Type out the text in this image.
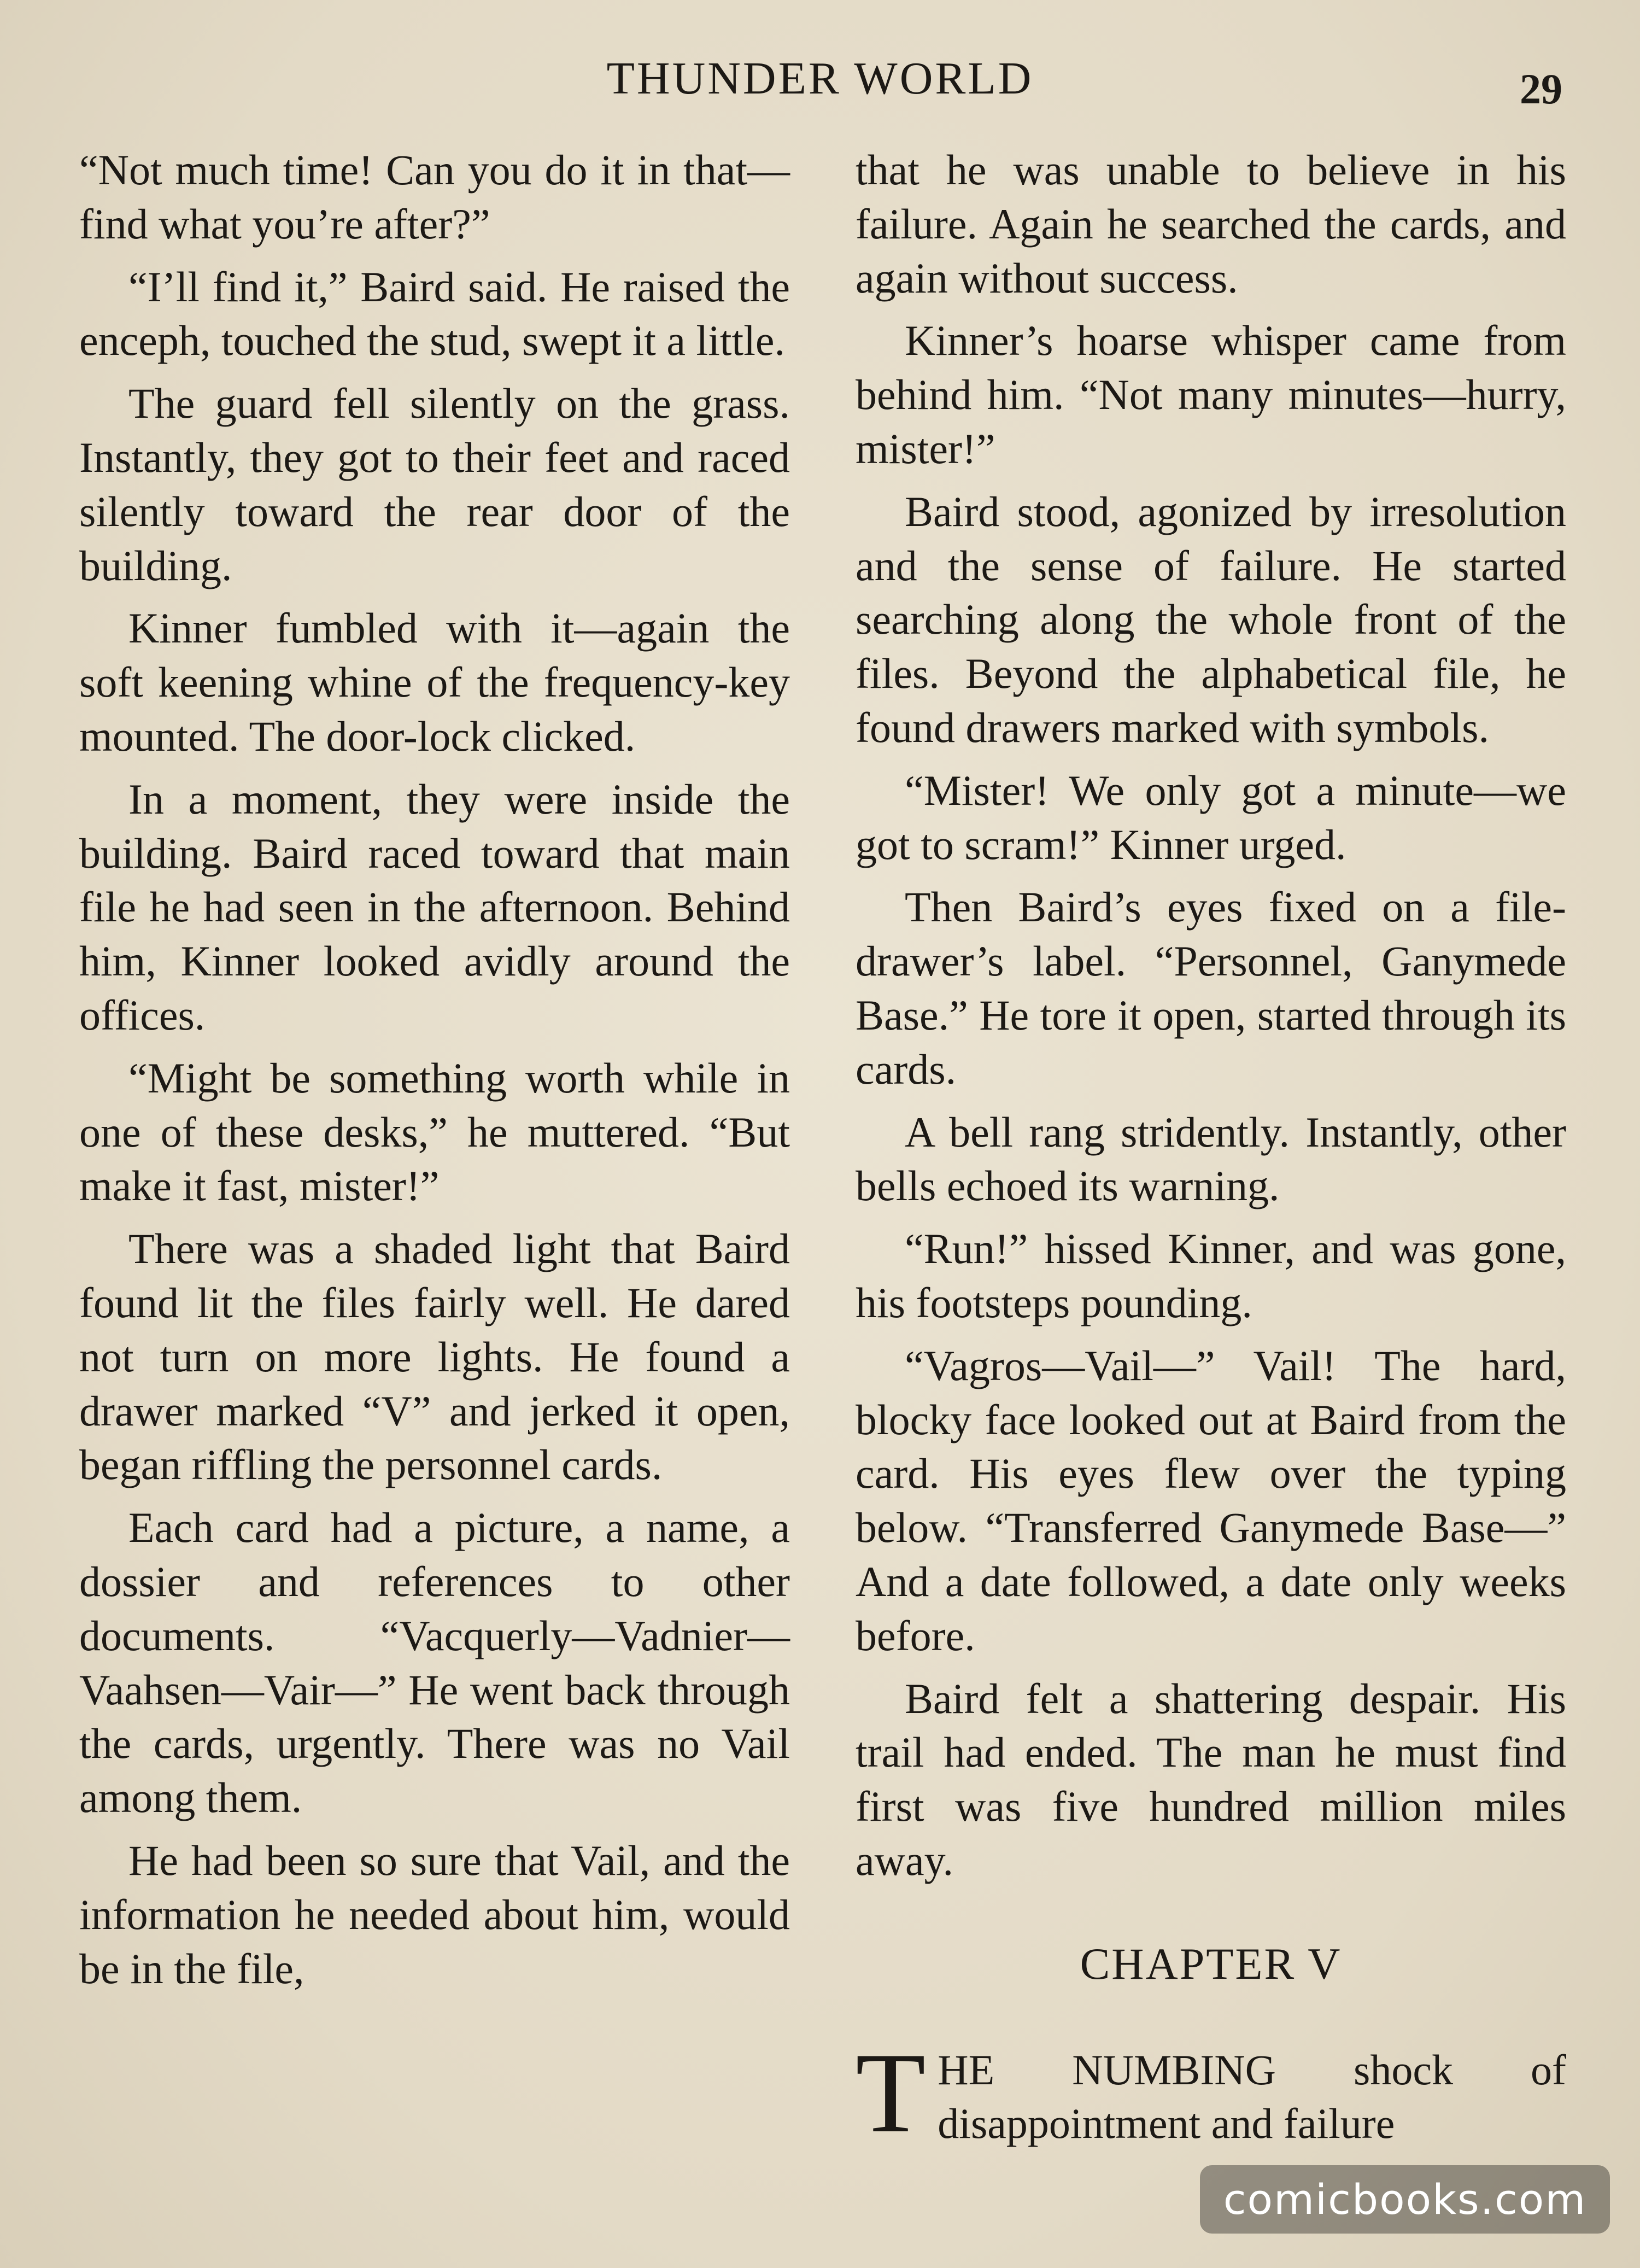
THUNDER WORLD	29

“Not much time! Can you do it in that—find what you’re after?”

“I’ll find it,” Baird said. He raised the enceph, touched the stud, swept it a little.

The guard fell silently on the grass. Instantly, they got to their feet and raced silently toward the rear door of the building.

Kinner fumbled with it—again the soft keening whine of the frequency-key mounted. The door-lock clicked.

In a moment, they were inside the building. Baird raced toward that main file he had seen in the afternoon. Behind him, Kinner looked avidly around the offices.

“Might be something worth while in one of these desks,” he muttered. “But make it fast, mister!”

There was a shaded light that Baird found lit the files fairly well. He dared not turn on more lights. He found a drawer marked “V” and jerked it open, began riffling the personnel cards.

Each card had a picture, a name, a dossier and references to other documents. “Vacquerly—Vadnier—Vaahsen—Vair—” He went back through the cards, urgently. There was no Vail among them.

He had been so sure that Vail, and the information he needed about him, would be in the file,

that he was unable to believe in his failure. Again he searched the cards, and again without success.

Kinner’s hoarse whisper came from behind him. “Not many minutes—hurry, mister!”

Baird stood, agonized by irresolution and the sense of failure. He started searching along the whole front of the files. Beyond the alphabetical file, he found drawers marked with symbols.

“Mister! We only got a minute—we got to scram!” Kinner urged.

Then Baird’s eyes fixed on a file-drawer’s label. “Personnel, Ganymede Base.” He tore it open, started through its cards.

A bell rang stridently. Instantly, other bells echoed its warning.

“Run!” hissed Kinner, and was gone, his footsteps pounding.

“Vagros—Vail—” Vail! The hard, blocky face looked out at Baird from the card. His eyes flew over the typing below. “Transferred Ganymede Base—” And a date followed, a date only weeks before.

Baird felt a shattering despair. His trail had ended. The man he must find first was five hundred million miles away.

CHAPTER V

THE NUMBING shock of disappointment and failure

comicbooks.com
